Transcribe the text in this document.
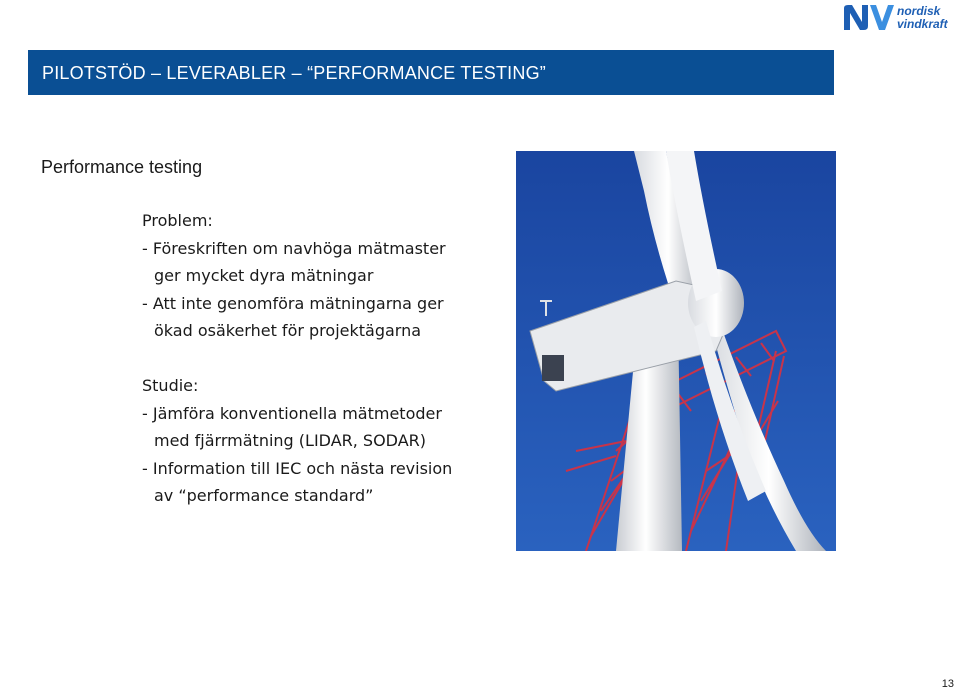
nordisk
vindkraft
PILOTSTÖD – LEVERABLER – “PERFORMANCE TESTING”
Performance testing
Problem:
- Föreskriften om navhöga mätmaster
ger mycket dyra mätningar
- Att inte genomföra mätningarna ger
ökad osäkerhet för projektägarna
Studie:
- Jämföra konventionella mätmetoder
med fjärrmätning (LIDAR, SODAR)
- Information till IEC och nästa revision
av “performance standard”
13
